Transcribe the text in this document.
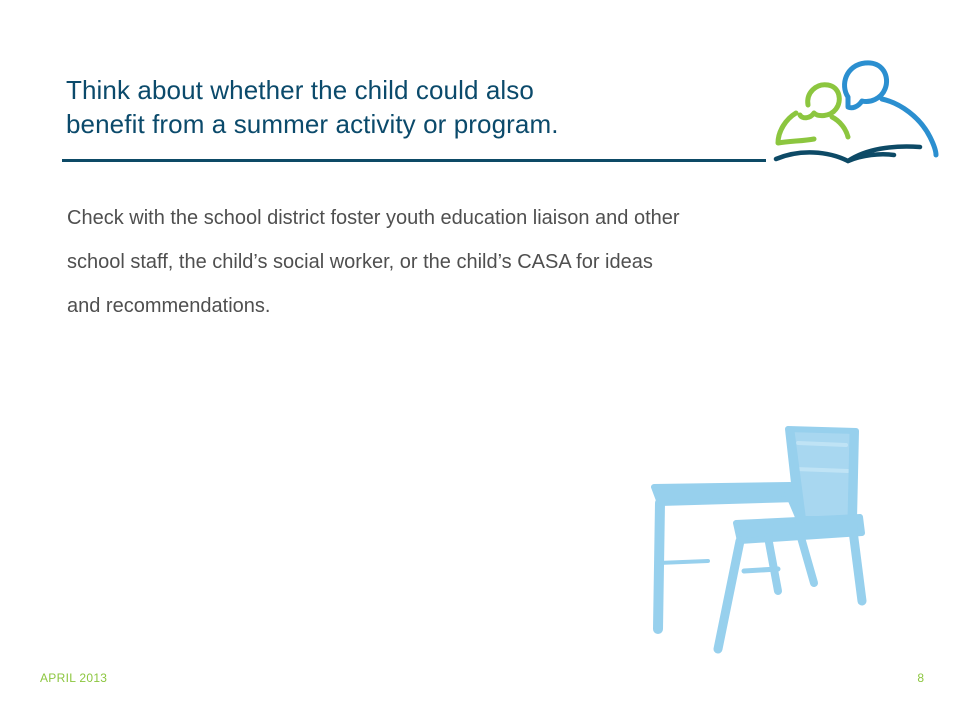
Think about whether the child could also
benefit from a summer activity or program.

Check with the school district foster youth education liaison and other
school staff, the child’s social worker, or the child’s CASA for ideas
and recommendations.

APRIL 2013	8
